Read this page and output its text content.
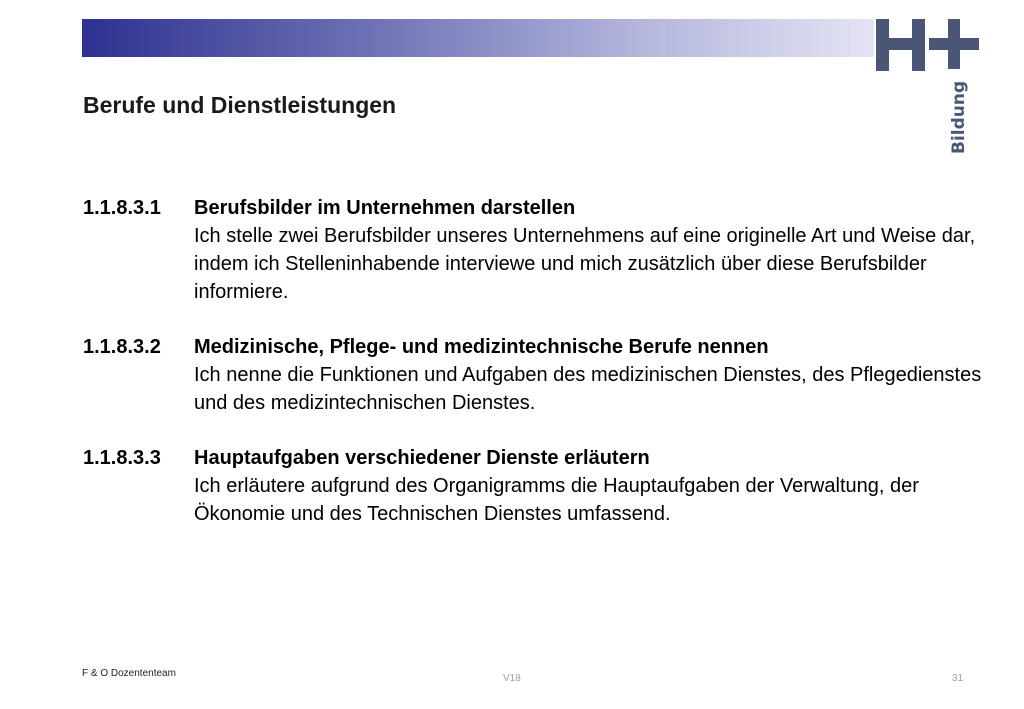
Bildung
Berufe und Dienstleistungen
1.1.8.3.1	Berufsbilder im Unternehmen darstellen
Ich stelle zwei Berufsbilder unseres Unternehmens auf eine originelle Art und Weise dar, indem ich Stelleninhabende interviewe und mich zusätzlich über diese Berufsbilder informiere.
1.1.8.3.2	Medizinische, Pflege- und medizintechnische Berufe nennen
Ich nenne die Funktionen und Aufgaben des medizinischen Dienstes, des Pflegedienstes und des medizintechnischen Dienstes.
1.1.8.3.3	Hauptaufgaben verschiedener Dienste erläutern
Ich erläutere aufgrund des Organigramms die Hauptaufgaben der Verwaltung, der Ökonomie und des Technischen Dienstes umfassend.
F & O Dozententeam	V18	31
